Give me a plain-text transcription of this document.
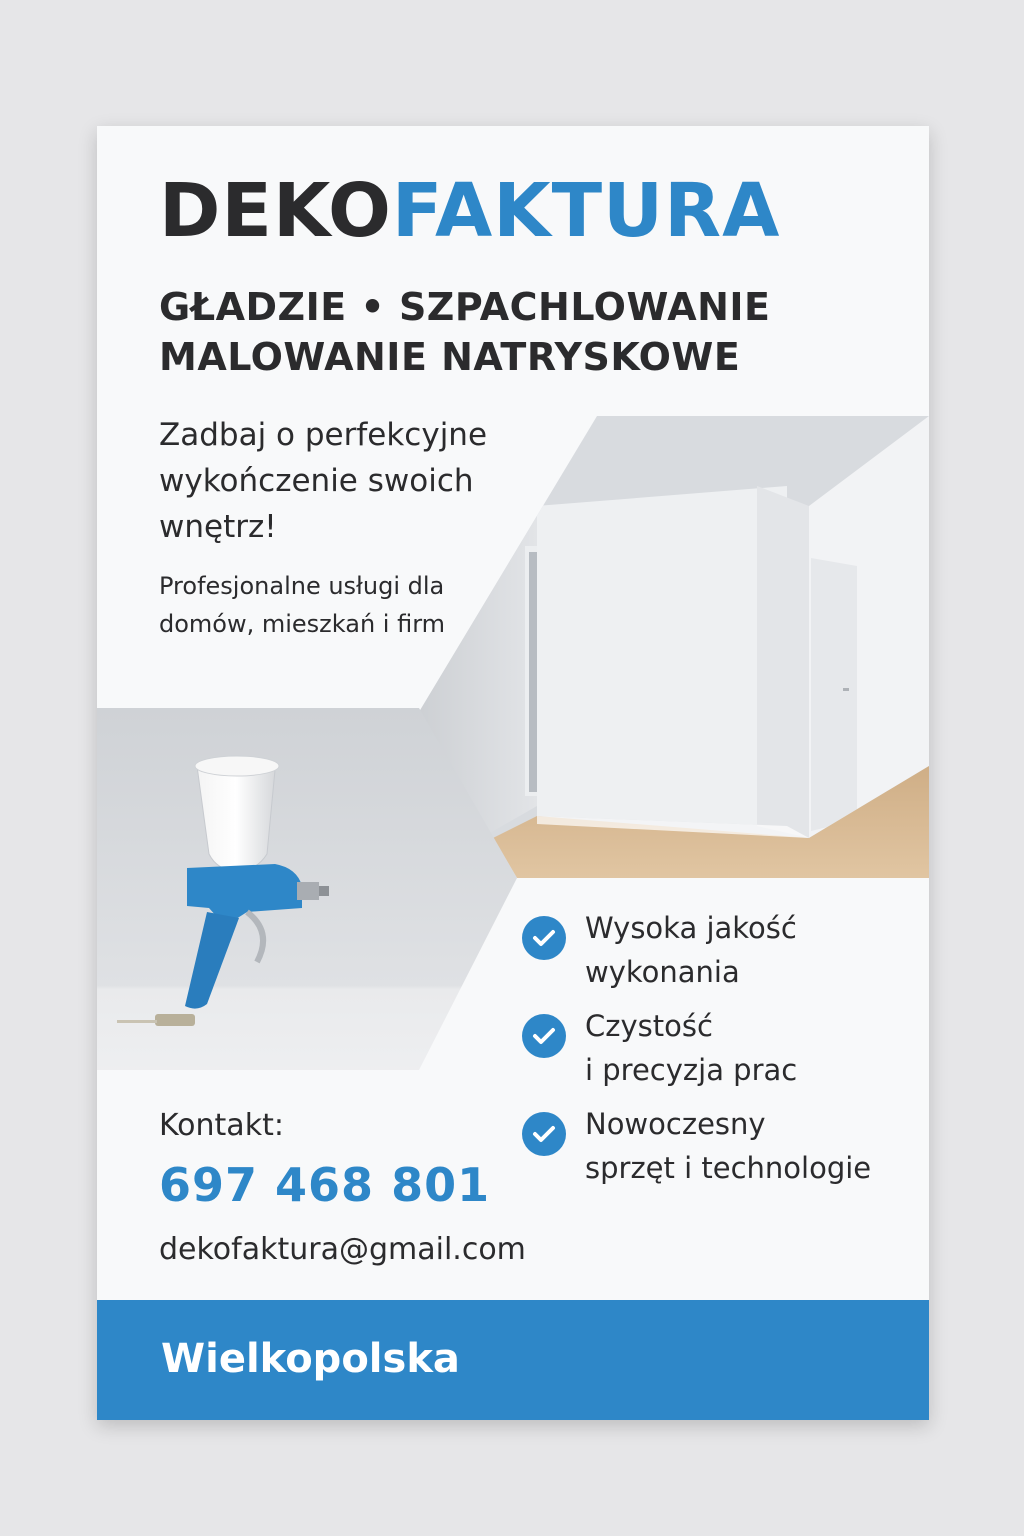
DEKOFAKTURA
GŁADZIE • SZPACHLOWANIE
MALOWANIE NATRYSKOWE
Zadbaj o perfekcyjne wykończenie swoich wnętrz!
Profesjonalne usługi dla domów, mieszkań i firm
Wysoka jakość
wykonania
Czystość
i precyzja prac
Nowoczesny
sprzęt i technologie
Kontakt:
697 468 801
dekofaktura@gmail.com
Wielkopolska
